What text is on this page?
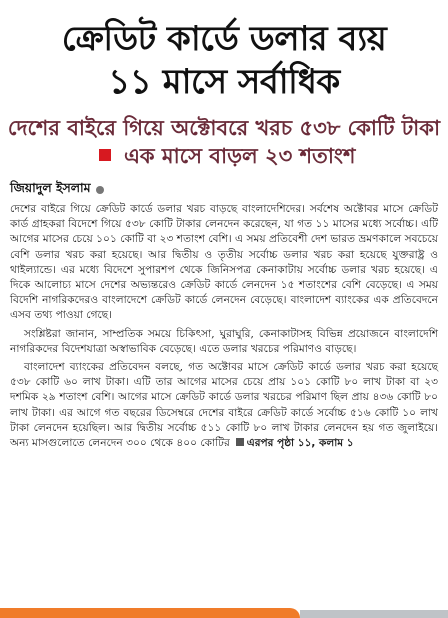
ক্রেডিট কার্ডে ডলার ব্যয়
১১ মাসে সর্বাধিক
দেশের বাইরে গিয়ে অক্টোবরে খরচ ৫৩৮ কোটি টাকা  এক মাসে বাড়ল ২৩ শতাংশ
জিয়াদুল ইসলাম

দেশের বাইরে গিয়ে ক্রেডিট কার্ডে ডলার খরচ বাড়ছে বাংলাদেশিদের। সর্বশেষ অক্টোবর মাসে ক্রেডিট কার্ড গ্রাহকরা বিদেশে গিয়ে ৫৩৮ কোটি টাকার লেনদেন করেছেন, যা গত ১১ মাসের মধ্যে সর্বোচ্চ। এটি আগের মাসের চেয়ে ১০১ কোটি বা ২৩ শতাংশ বেশি। এ সময় প্রতিবেশী দেশ ভারত ভ্রমণকালে সবচেয়ে বেশি ডলার খরচ করা হয়েছে। আর দ্বিতীয় ও তৃতীয় সর্বোচ্চ ডলার খরচ করা হয়েছে যুক্তরাষ্ট্র ও থাইল্যান্ডে। এর মধ্যে বিদেশে সুপারশপ থেকে জিনিসপত্র কেনাকাটায় সর্বোচ্চ ডলার খরচ হয়েছে। এ দিকে আলোচ্য মাসে দেশের অভ্যন্তরেও ক্রেডিট কার্ডে লেনদেন ১৫ শতাংশের বেশি বেড়েছে। এ সময় বিদেশি নাগরিকদেরও বাংলাদেশে ক্রেডিট কার্ডে লেনদেন বেড়েছে। বাংলাদেশ ব্যাংকের এক প্রতিবেদনে এসব তথ্য পাওয়া গেছে।

সংশ্লিষ্টরা জানান, সাম্প্রতিক সময়ে চিকিৎসা, ঘুরাঘুরি, কেনাকাটাসহ বিভিন্ন প্রয়োজনে বাংলাদেশি নাগরিকদের বিদেশযাত্রা অস্বাভাবিক বেড়েছে। এতে ডলার খরচের পরিমাণও বাড়ছে।

বাংলাদেশ ব্যাংকের প্রতিবেদন বলছে, গত অক্টোবর মাসে ক্রেডিট কার্ডে ডলার খরচ করা হয়েছে ৫৩৮ কোটি ৬০ লাখ টাকা। এটি তার আগের মাসের চেয়ে প্রায় ১০১ কোটি ৮০ লাখ টাকা বা ২৩ দশমিক ২৯ শতাংশ বেশি। আগের মাসে ক্রেডিট কার্ডে ডলার খরচের পরিমাণ ছিল প্রায় ৪৩৬ কোটি ৮০ লাখ টাকা। এর আগে গত বছরের ডিসেম্বরে দেশের বাইরে ক্রেডিট কার্ডে সর্বোচ্চ ৫১৬ কোটি ১০ লাখ টাকা লেনদেন হয়েছিল। আর দ্বিতীয় সর্বোচ্চ ৫১১ কোটি ৮০ লাখ টাকার লেনদেন হয় গত জুলাইয়ে। অন্য মাসগুলোতে লেনদেন ৩০০ থেকে ৪০০ কোটির এরপর পৃষ্ঠা ১১, কলাম ১
